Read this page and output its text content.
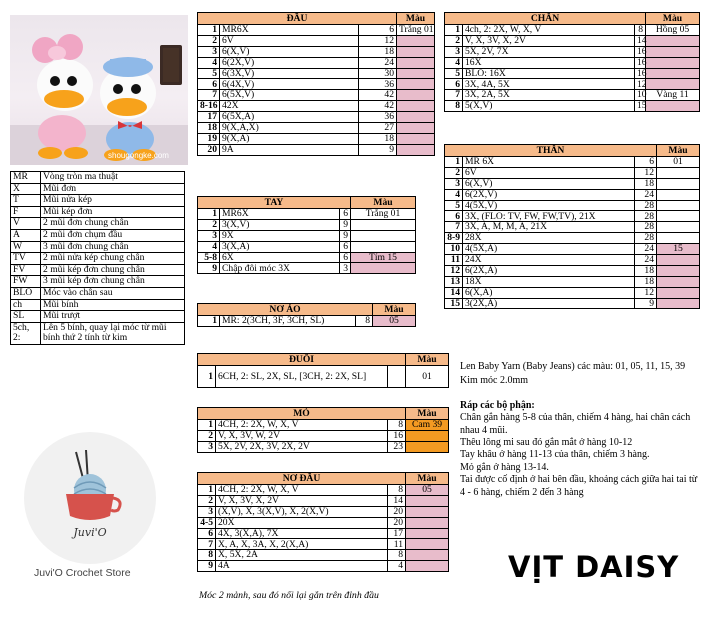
shougongke.com
MR	Vòng tròn ma thuật
X	Mũi đơn
T	Mũi nửa kép
F	Mũi kép đơn
V	2 mũi đơn chung chân
A	2 mũi đơn chụm đầu
W	3 mũi đơn chung chân
TV	2 mũi nửa kép chung chân
FV	2 mũi kép đơn chung chân
FW	3 mũi kép đơn chung chân
BLO	Móc vào chân sau
ch	Mũi bính
SL	Mũi trượt
5ch, 2:	Lên 5 bính, quay lại móc từ mũi bính thứ 2 tính từ kim
ĐẦU			Màu
1	MR6X	6	Trắng 01
2	6V	12	
3	6(X,V)	18	
4	6(2X,V)	24	
5	6(3X,V)	30	
6	6(4X,V)	36	
7	6(5X,V)	42	
8-16	42X	42	
17	6(5X,A)	36	
18	9(X,A,X)	27	
19	9(X,A)	18	
20	9A	9	
CHÂN			Màu
1	4ch, 2: 2X, W, X, V	8	Hồng 05
2	V, X, 3V, X, 2V	14	
3	5X, 2V, 7X	16	
4	16X	16	
5	BLO: 16X	16	
6	3X, 4A, 5X	12	
7	3X, 2A, 5X	10	Vàng 11
8	5(X,V)	15	
THÂN			Màu
1	MR 6X	6	01
2	6V	12	
3	6(X,V)	18	
4	6(2X,V)	24	
5	4(5X,V)	28	
6	3X, (FLO: TV, FW, FW,TV), 21X	28	
7	3X, A, M, M, A, 21X	28	
8-9	28X	28	
10	4(5X,A)	24	15
11	24X	24	
12	6(2X,A)	18	
13	18X	18	
14	6(X,A)	12	
15	3(2X,A)	9	
TAY			Màu
1	MR6X	6	Trắng 01
2	3(X,V)	9	
3	9X	9	
4	3(X,A)	6	
5-8	6X	6	Tím 15
9	Chập đôi móc 3X	3	
NƠ ÁO			Màu
1	MR: 2(3CH, 3F, 3CH, SL)	8	05
ĐUÔI			Màu
1	6CH, 2: SL, 2X, SL, [3CH, 2: 2X, SL]		01
MỎ			Màu
1	4CH, 2: 2X, W, X, V	8	Cam 39
2	V, X, 3V, W, 2V	16	
3	5X, 2V, 2X, 3V, 2X, 2V	23	
NƠ ĐẦU			Màu
1	4CH, 2: 2X, W, X, V	8	05
2	V, X, 3V, X, 2V	14	
3	(X,V), X, 3(X,V), X, 2(X,V)	20	
4-5	20X	20	
6	4X, 3(X,A), 7X	17	
7	X, A, X, 3A, X, 2(X,A)	11	
8	X, 5X, 2A	8	
9	4A	4	
Móc 2 mảnh, sau đó nối lại gắn trên đỉnh đầu
Len Baby Yarn (Baby Jeans) các màu: 01, 05, 11, 15, 39
Kim móc 2.0mm
Ráp các bộ phận:
Chân gắn hàng 5-8 của thân, chiếm 4 hàng, hai chân cách nhau 4 mũi.
Thêu lông mi sau đó gắn mắt ở hàng 10-12
Tay khâu ở hàng 11-13 của thân, chiếm 3 hàng.
Mỏ gắn ở hàng 13-14.
Tai được cố định ở hai bên đầu, khoảng cách giữa hai tai từ 4 - 6 hàng, chiếm 2 đến 3 hàng
Juvi'O
Juvi'O Crochet Store	VỊT DAISY
